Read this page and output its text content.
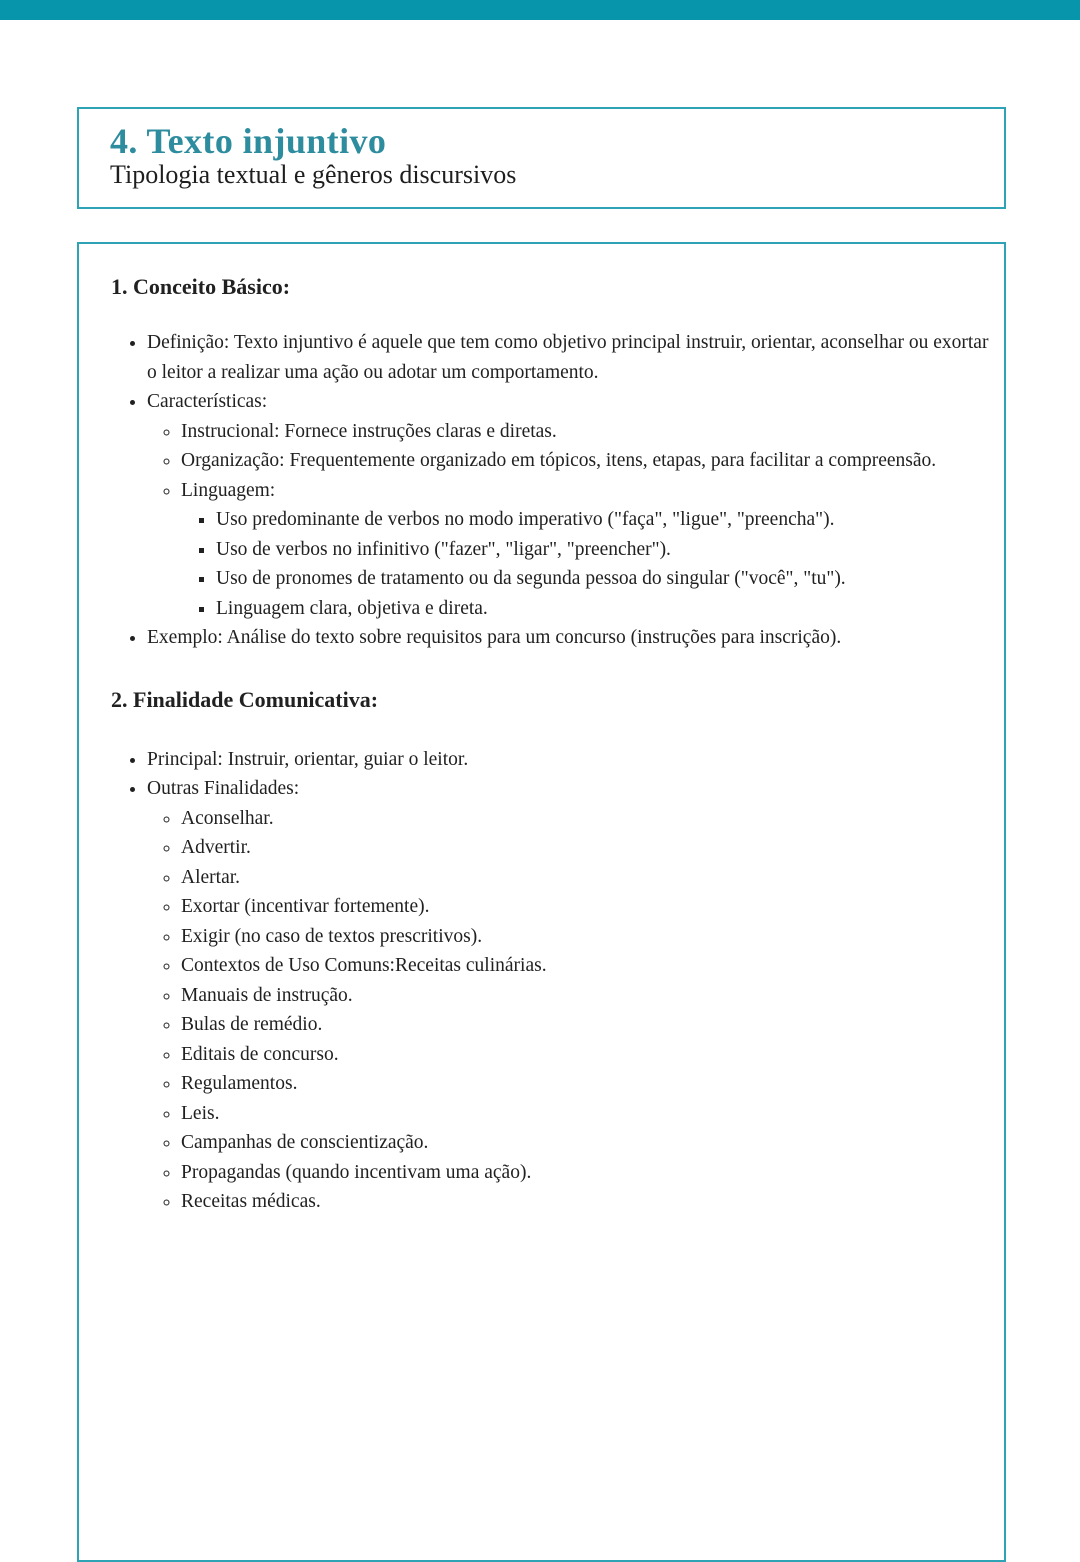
4. Texto injuntivo
Tipologia textual e gêneros discursivos
1. Conceito Básico:
• Definição: Texto injuntivo é aquele que tem como objetivo principal instruir, orientar, aconselhar ou exortar o leitor a realizar uma ação ou adotar um comportamento.
• Características:
◦ Instrucional: Fornece instruções claras e diretas.
◦ Organização: Frequentemente organizado em tópicos, itens, etapas, para facilitar a compreensão.
◦ Linguagem:
▪ Uso predominante de verbos no modo imperativo ("faça", "ligue", "preencha").
▪ Uso de verbos no infinitivo ("fazer", "ligar", "preencher").
▪ Uso de pronomes de tratamento ou da segunda pessoa do singular ("você", "tu").
▪ Linguagem clara, objetiva e direta.
• Exemplo: Análise do texto sobre requisitos para um concurso (instruções para inscrição).
2. Finalidade Comunicativa:
• Principal: Instruir, orientar, guiar o leitor.
• Outras Finalidades:
◦ Aconselhar.
◦ Advertir.
◦ Alertar.
◦ Exortar (incentivar fortemente).
◦ Exigir (no caso de textos prescritivos).
◦ Contextos de Uso Comuns:Receitas culinárias.
◦ Manuais de instrução.
◦ Bulas de remédio.
◦ Editais de concurso.
◦ Regulamentos.
◦ Leis.
◦ Campanhas de conscientização.
◦ Propagandas (quando incentivam uma ação).
◦ Receitas médicas.
